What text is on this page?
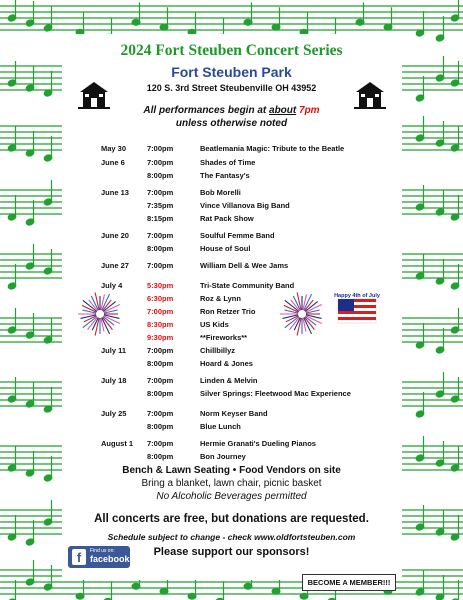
2024 Fort Steuben Concert Series
Fort Steuben Park
120 S. 3rd Street Steubenville OH 43952
All performances begin at about 7pm
unless otherwise noted
May 30	7:00pm	Beatlemania Magic: Tribute to the Beatle
June 6	7:00pm	Shades of Time
8:00pm	The Fantasy's
June 13 7:00pm	Bob Morelli
7:35pm	Vince Villanova Big Band
8:15pm	Rat Pack Show
June 20 7:00pm	Soulful Femme Band
8:00pm	House of Soul
June 27 7:00pm	William Dell & Wee Jams
July 4	5:30pm	Tri-State Community Band
6:30pm	Roz & Lynn
7:00pm	Ron Retzer Trio
8:30pm	US Kids
9:30pm	**Fireworks**
July 11	7:00pm	Chillbillyz
8:00pm	Hoard & Jones
July 18	7:00pm	Linden & Melvin
8:00pm	Silver Springs: Fleetwood Mac Experience
July 25	7:00pm	Norm Keyser Band
8:00pm	Blue Lunch
August 1 7:00pm	Hermie Granati's Dueling Pianos
8:00pm	Bon Journey
Happy 4th of July
Bench & Lawn Seating • Food Vendors on site
Bring a blanket, lawn chair, picnic basket
No Alcoholic Beverages permitted
All concerts are free, but donations are requested.
Schedule subject to change - check www.oldfortsteuben.com
Please support our sponsors!
f	Find us on:
facebook.
BECOME A MEMBER!!!
